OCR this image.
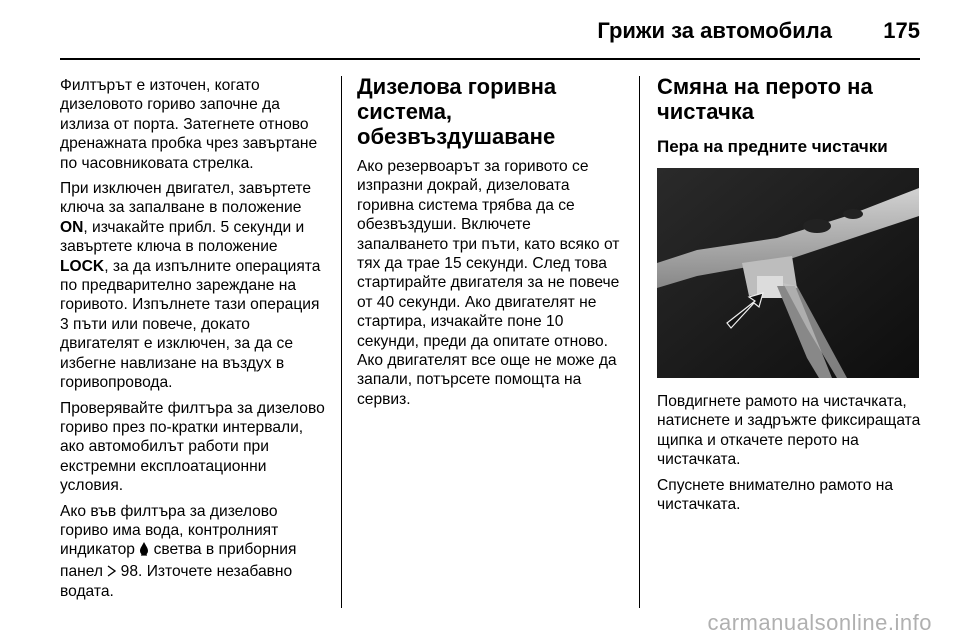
Грижи за автомобила 175

Филтърът е източен, когато дизеловото гориво започне да излиза от порта. Затегнете отново дренажната пробка чрез завъртане по часовниковата стрелка.

При изключен двигател, завъртете ключа за запалване в положение ON, изчакайте прибл. 5 секунди и завъртете ключа в положение LOCK, за да изпълните операцията по предварително зареждане на горивото. Изпълнете тази операция 3 пъти или повече, докато двигателят е изключен, за да се избегне навлизане на въздух в горивопровода.

Проверявайте филтъра за дизелово гориво през по-кратки интервали, ако автомобилът работи при екстремни експлоатационни условия.

Ако във филтъра за дизелово гориво има вода, контролният индикатор  светва в приборния панел  98. Източете незабавно водата.

Дизелова горивна система, обезвъздушаване

Ако резервоарът за горивото се изпразни докрай, дизеловата горивна система трябва да се обезвъздуши. Включете запалването три пъти, като всяко от тях да трае 15 секунди. След това стартирайте двигателя за не повече от 40 секунди. Ако двигателят не стартира, изчакайте поне 10 секунди, преди да опитате отново. Ако двигателят все още не може да запали, потърсете помощта на сервиз.

Смяна на перото на чистачка
Пера на предните чистачки

Повдигнете рамото на чистачката, натиснете и задръжте фиксиращата щипка и откачете перото на чистачката.

Спуснете внимателно рамото на чистачката.

carmanualsonline.info
